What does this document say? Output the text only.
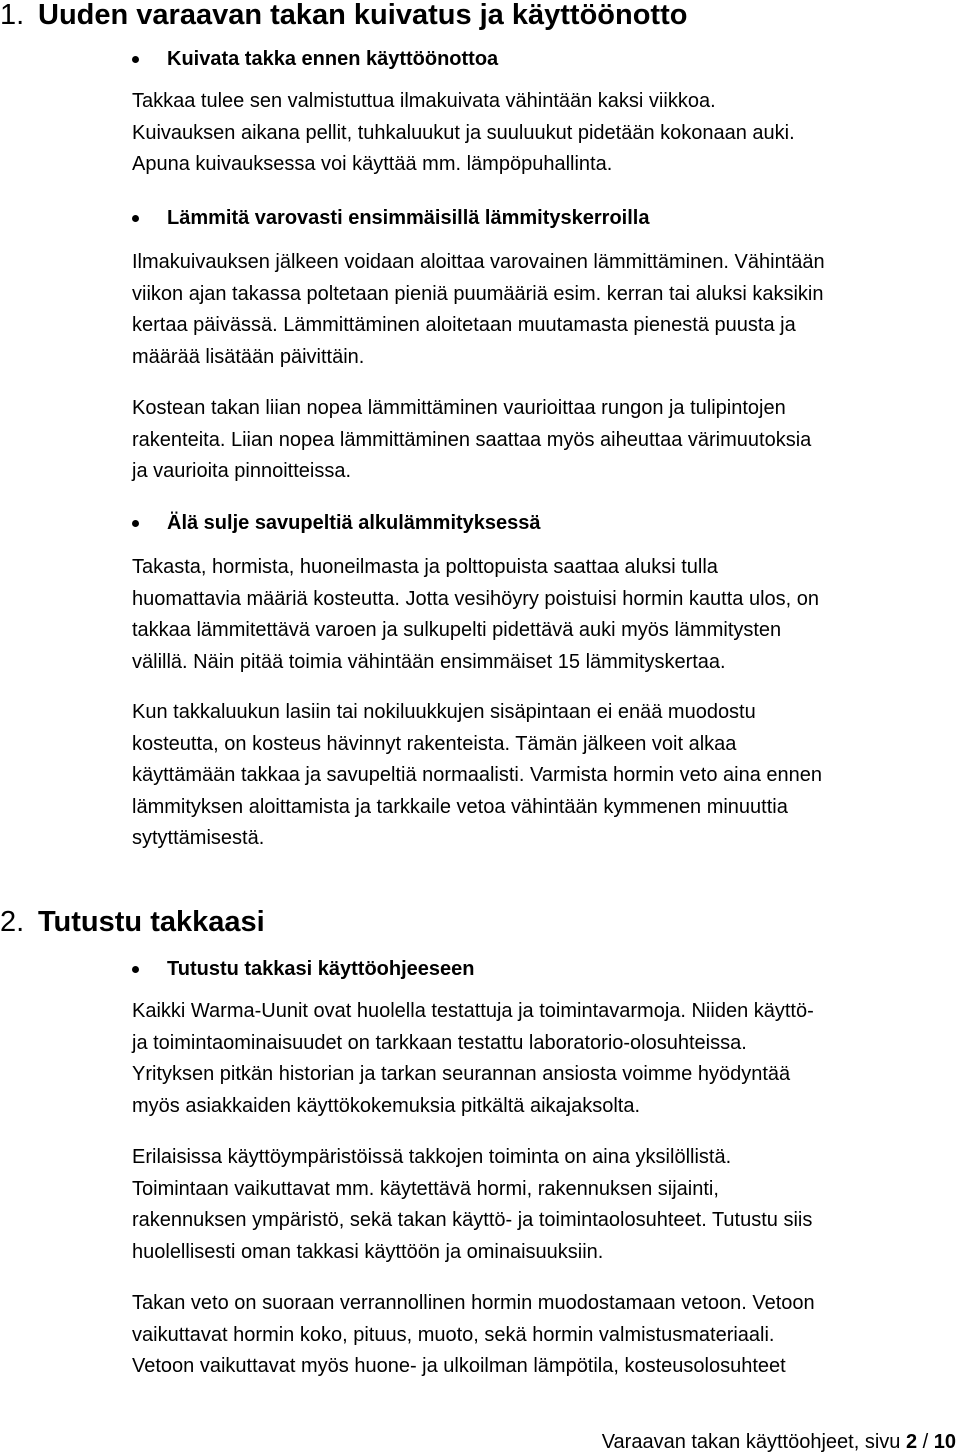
1. Uuden varaavan takan kuivatus ja käyttöönotto
Kuivata takka ennen käyttöönottoa
Takkaa tulee sen valmistuttua ilmakuivata vähintään kaksi viikkoa.
Kuivauksen aikana pellit, tuhkaluukut ja suuluukut pidetään kokonaan auki.
Apuna kuivauksessa voi käyttää mm. lämpöpuhallinta.
Lämmitä varovasti ensimmäisillä lämmityskerroilla
Ilmakuivauksen jälkeen voidaan aloittaa varovainen lämmittäminen. Vähintään
viikon ajan takassa poltetaan pieniä puumääriä esim. kerran tai aluksi kaksikin
kertaa päivässä. Lämmittäminen aloitetaan muutamasta pienestä puusta ja
määrää lisätään päivittäin.
Kostean takan liian nopea lämmittäminen vaurioittaa rungon ja tulipintojen
rakenteita. Liian nopea lämmittäminen saattaa myös aiheuttaa värimuutoksia
ja vaurioita pinnoitteissa.
Älä sulje savupeltiä alkulämmityksessä
Takasta, hormista, huoneilmasta ja polttopuista saattaa aluksi tulla
huomattavia määriä kosteutta. Jotta vesihöyry poistuisi hormin kautta ulos, on
takkaa lämmitettävä varoen ja sulkupelti pidettävä auki myös lämmitysten
välillä. Näin pitää toimia vähintään ensimmäiset 15 lämmityskertaa.
Kun takkaluukun lasiin tai nokiluukkujen sisäpintaan ei enää muodostu
kosteutta, on kosteus hävinnyt rakenteista. Tämän jälkeen voit alkaa
käyttämään takkaa ja savupeltiä normaalisti. Varmista hormin veto aina ennen
lämmityksen aloittamista ja tarkkaile vetoa vähintään kymmenen minuuttia
sytyttämisestä.
2. Tutustu takkaasi
Tutustu takkasi käyttöohjeeseen
Kaikki Warma-Uunit ovat huolella testattuja ja toimintavarmoja. Niiden käyttö-
ja toimintaominaisuudet on tarkkaan testattu laboratorio-olosuhteissa.
Yrityksen pitkän historian ja tarkan seurannan ansiosta voimme hyödyntää
myös asiakkaiden käyttökokemuksia pitkältä aikajaksolta.
Erilaisissa käyttöympäristöissä takkojen toiminta on aina yksilöllistä.
Toimintaan vaikuttavat mm. käytettävä hormi, rakennuksen sijainti,
rakennuksen ympäristö, sekä takan käyttö- ja toimintaolosuhteet. Tutustu siis
huolellisesti oman takkasi käyttöön ja ominaisuuksiin.
Takan veto on suoraan verrannollinen hormin muodostamaan vetoon. Vetoon
vaikuttavat hormin koko, pituus, muoto, sekä hormin valmistusmateriaali.
Vetoon vaikuttavat myös huone- ja ulkoilman lämpötila, kosteusolosuhteet
Varaavan takan käyttöohjeet, sivu 2 / 10
